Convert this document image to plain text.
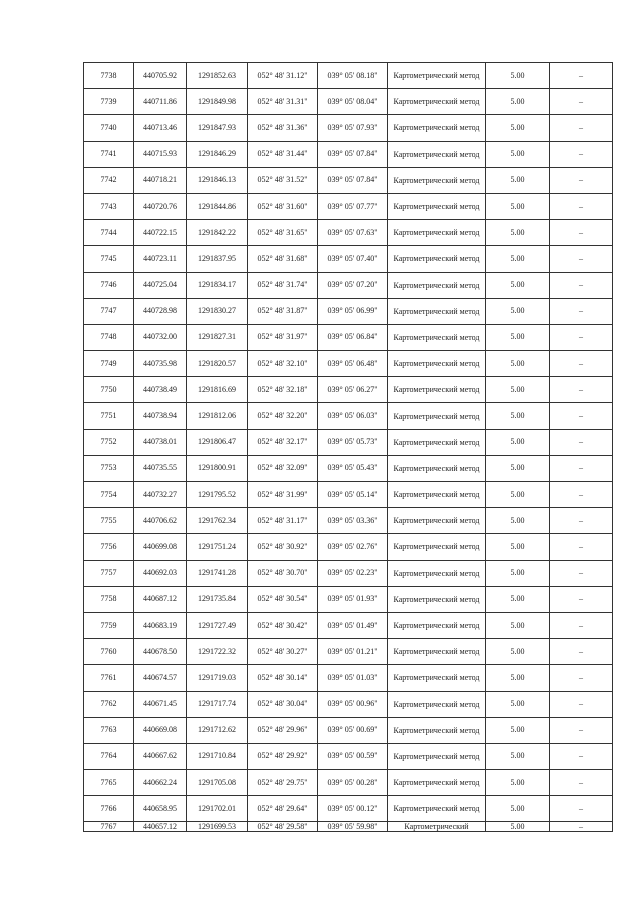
7738	440705.92	1291852.63	052° 48' 31.12"	039° 05' 08.18"	Картометрический метод	5.00	–
7739	440711.86	1291849.98	052° 48' 31.31"	039° 05' 08.04"	Картометрический метод	5.00	–
7740	440713.46	1291847.93	052° 48' 31.36"	039° 05' 07.93"	Картометрический метод	5.00	–
7741	440715.93	1291846.29	052° 48' 31.44"	039° 05' 07.84"	Картометрический метод	5.00	–
7742	440718.21	1291846.13	052° 48' 31.52"	039° 05' 07.84"	Картометрический метод	5.00	–
7743	440720.76	1291844.86	052° 48' 31.60"	039° 05' 07.77"	Картометрический метод	5.00	–
7744	440722.15	1291842.22	052° 48' 31.65"	039° 05' 07.63"	Картометрический метод	5.00	–
7745	440723.11	1291837.95	052° 48' 31.68"	039° 05' 07.40"	Картометрический метод	5.00	–
7746	440725.04	1291834.17	052° 48' 31.74"	039° 05' 07.20"	Картометрический метод	5.00	–
7747	440728.98	1291830.27	052° 48' 31.87"	039° 05' 06.99"	Картометрический метод	5.00	–
7748	440732.00	1291827.31	052° 48' 31.97"	039° 05' 06.84"	Картометрический метод	5.00	–
7749	440735.98	1291820.57	052° 48' 32.10"	039° 05' 06.48"	Картометрический метод	5.00	–
7750	440738.49	1291816.69	052° 48' 32.18"	039° 05' 06.27"	Картометрический метод	5.00	–
7751	440738.94	1291812.06	052° 48' 32.20"	039° 05' 06.03"	Картометрический метод	5.00	–
7752	440738.01	1291806.47	052° 48' 32.17"	039° 05' 05.73"	Картометрический метод	5.00	–
7753	440735.55	1291800.91	052° 48' 32.09"	039° 05' 05.43"	Картометрический метод	5.00	–
7754	440732.27	1291795.52	052° 48' 31.99"	039° 05' 05.14"	Картометрический метод	5.00	–
7755	440706.62	1291762.34	052° 48' 31.17"	039° 05' 03.36"	Картометрический метод	5.00	–
7756	440699.08	1291751.24	052° 48' 30.92"	039° 05' 02.76"	Картометрический метод	5.00	–
7757	440692.03	1291741.28	052° 48' 30.70"	039° 05' 02.23"	Картометрический метод	5.00	–
7758	440687.12	1291735.84	052° 48' 30.54"	039° 05' 01.93"	Картометрический метод	5.00	–
7759	440683.19	1291727.49	052° 48' 30.42"	039° 05' 01.49"	Картометрический метод	5.00	–
7760	440678.50	1291722.32	052° 48' 30.27"	039° 05' 01.21"	Картометрический метод	5.00	–
7761	440674.57	1291719.03	052° 48' 30.14"	039° 05' 01.03"	Картометрический метод	5.00	–
7762	440671.45	1291717.74	052° 48' 30.04"	039° 05' 00.96"	Картометрический метод	5.00	–
7763	440669.08	1291712.62	052° 48' 29.96"	039° 05' 00.69"	Картометрический метод	5.00	–
7764	440667.62	1291710.84	052° 48' 29.92"	039° 05' 00.59"	Картометрический метод	5.00	–
7765	440662.24	1291705.08	052° 48' 29.75"	039° 05' 00.28"	Картометрический метод	5.00	–
7766	440658.95	1291702.01	052° 48' 29.64"	039° 05' 00.12"	Картометрический метод	5.00	–
7767	440657.12	1291699.53	052° 48' 29.58"	039° 05' 59.98"	Картометрический	5.00	–
